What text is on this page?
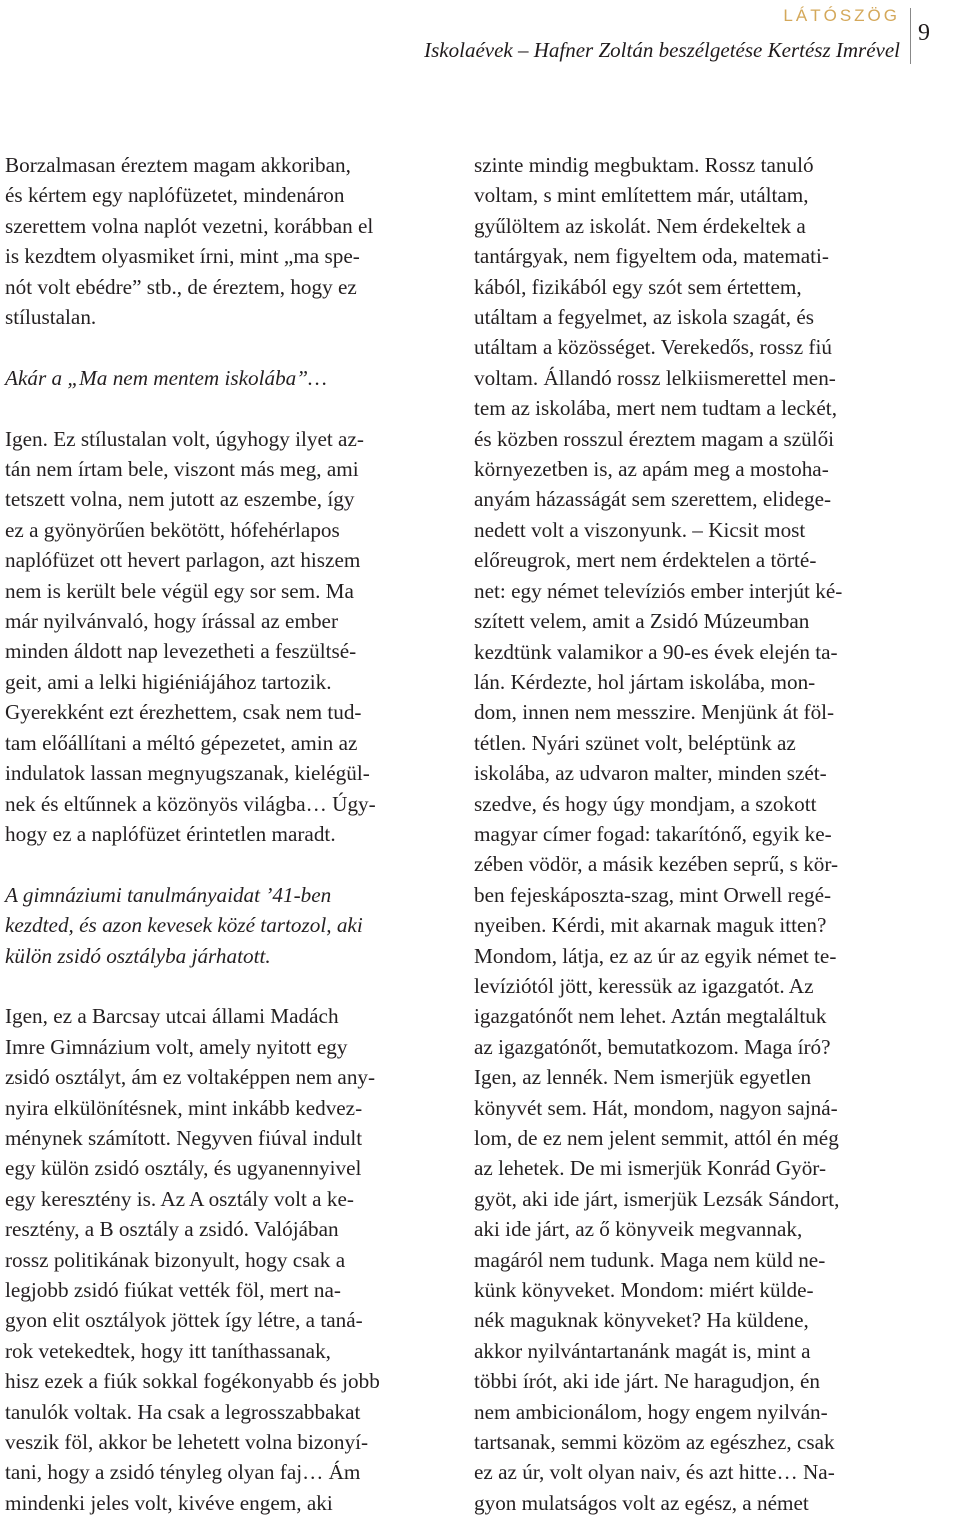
LÁTÓSZÖG
Iskolaévek – Hafner Zoltán beszélgetése Kertész Imrével
9

Borzalmasan éreztem magam akkoriban,
és kértem egy naplófüzetet, mindenáron
szerettem volna naplót vezetni, korábban el
is kezdtem olyasmiket írni, mint „ma spe-
nót volt ebédre” stb., de éreztem, hogy ez
stílustalan.

Akár a „Ma nem mentem iskolába”…

Igen. Ez stílustalan volt, úgyhogy ilyet az-
tán nem írtam bele, viszont más meg, ami
tetszett volna, nem jutott az eszembe, így
ez a gyönyörűen bekötött, hófehérlapos
naplófüzet ott hevert parlagon, azt hiszem
nem is került bele végül egy sor sem. Ma
már nyilvánvaló, hogy írással az ember
minden áldott nap levezetheti a feszültsé-
geit, ami a lelki higiéniájához tartozik.
Gyerekként ezt érezhettem, csak nem tud-
tam előállítani a méltó gépezetet, amin az
indulatok lassan megnyugszanak, kielégül-
nek és eltűnnek a közönyös világba… Úgy-
hogy ez a naplófüzet érintetlen maradt.

A gimnáziumi tanulmányaidat ’41-ben
kezdted, és azon kevesek közé tartozol, aki
külön zsidó osztályba járhatott.

Igen, ez a Barcsay utcai állami Madách
Imre Gimnázium volt, amely nyitott egy
zsidó osztályt, ám ez voltaképpen nem any-
nyira elkülönítésnek, mint inkább kedvez-
ménynek számított. Negyven fiúval indult
egy külön zsidó osztály, és ugyanennyivel
egy keresztény is. Az A osztály volt a ke-
resztény, a B osztály a zsidó. Valójában
rossz politikának bizonyult, hogy csak a
legjobb zsidó fiúkat vették föl, mert na-
gyon elit osztályok jöttek így létre, a taná-
rok vetekedtek, hogy itt taníthassanak,
hisz ezek a fiúk sokkal fogékonyabb és jobb
tanulók voltak. Ha csak a legrosszabbakat
veszik föl, akkor be lehetett volna bizonyí-
tani, hogy a zsidó tényleg olyan faj… Ám
mindenki jeles volt, kivéve engem, aki

szinte mindig megbuktam. Rossz tanuló
voltam, s mint említettem már, utáltam,
gyűlöltem az iskolát. Nem érdekeltek a
tantárgyak, nem figyeltem oda, matemati-
kából, fizikából egy szót sem értettem,
utáltam a fegyelmet, az iskola szagát, és
utáltam a közösséget. Verekedős, rossz fiú
voltam. Állandó rossz lelkiismerettel men-
tem az iskolába, mert nem tudtam a leckét,
és közben rosszul éreztem magam a szülői
környezetben is, az apám meg a mostoha-
anyám házasságát sem szerettem, elidege-
nedett volt a viszonyunk. – Kicsit most
előreugrok, mert nem érdektelen a törté-
net: egy német televíziós ember interjút ké-
szített velem, amit a Zsidó Múzeumban
kezdtünk valamikor a 90-es évek elején ta-
lán. Kérdezte, hol jártam iskolába, mon-
dom, innen nem messzire. Menjünk át föl-
tétlen. Nyári szünet volt, beléptünk az
iskolába, az udvaron malter, minden szét-
szedve, és hogy úgy mondjam, a szokott
magyar címer fogad: takarítónő, egyik ke-
zében vödör, a másik kezében seprű, s kör-
ben fejeskáposzta-szag, mint Orwell regé-
nyeiben. Kérdi, mit akarnak maguk itten?
Mondom, látja, ez az úr az egyik német te-
levíziótól jött, keressük az igazgatót. Az
igazgatónőt nem lehet. Aztán megtaláltuk
az igazgatónőt, bemutatkozom. Maga író?
Igen, az lennék. Nem ismerjük egyetlen
könyvét sem. Hát, mondom, nagyon sajná-
lom, de ez nem jelent semmit, attól én még
az lehetek. De mi ismerjük Konrád Györ-
gyöt, aki ide járt, ismerjük Lezsák Sándort,
aki ide járt, az ő könyveik megvannak,
magáról nem tudunk. Maga nem küld ne-
künk könyveket. Mondom: miért külde-
nék maguknak könyveket? Ha küldene,
akkor nyilvántartanánk magát is, mint a
többi írót, aki ide járt. Ne haragudjon, én
nem ambicionálom, hogy engem nyilván-
tartsanak, semmi közöm az egészhez, csak
ez az úr, volt olyan naiv, és azt hitte… Na-
gyon mulatságos volt az egész, a német
